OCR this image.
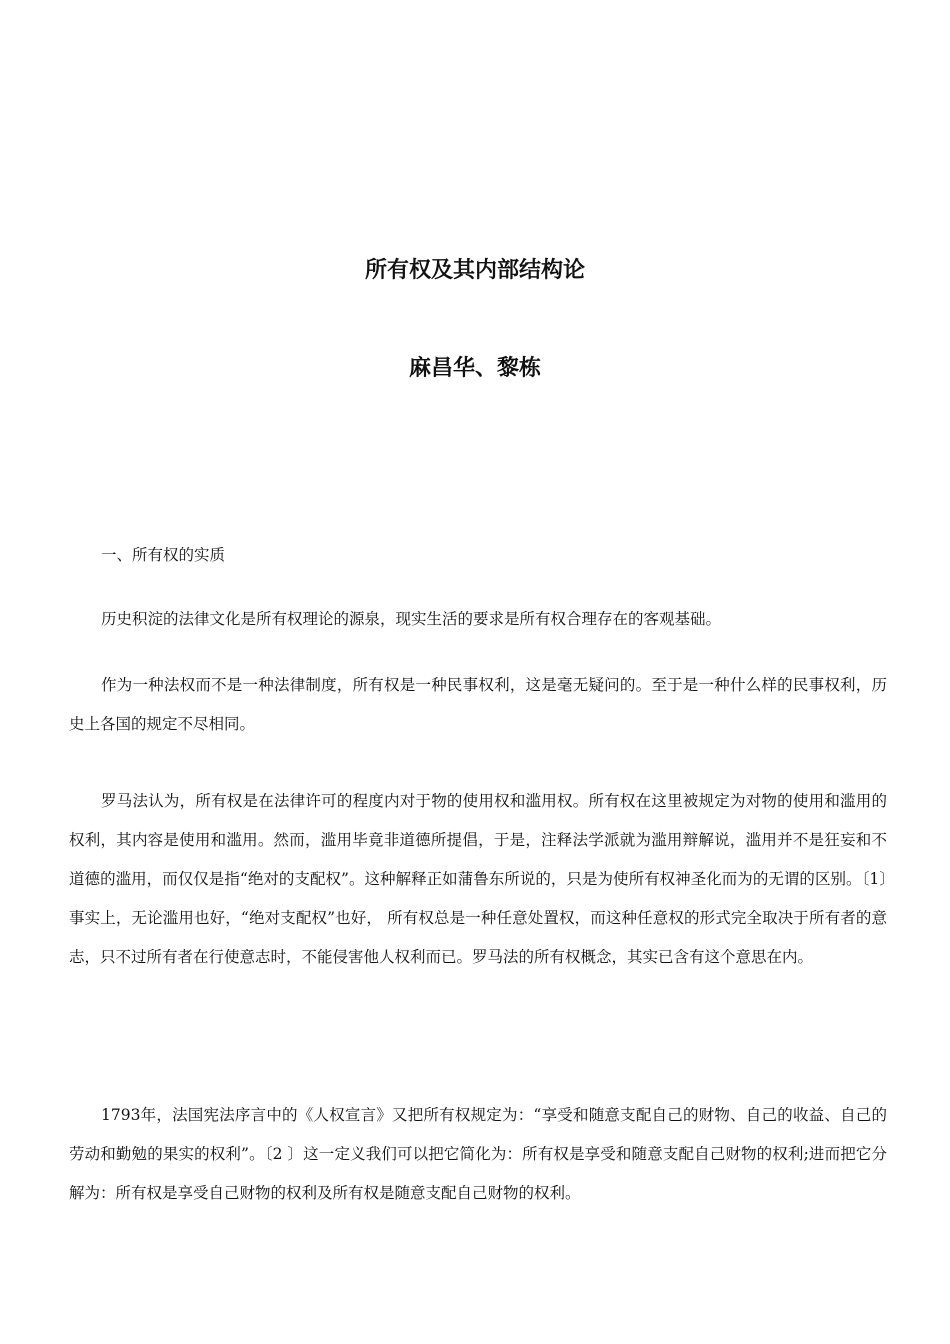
所有权及其内部结构论
麻昌华、黎栋

一、所有权的实质

历史积淀的法律文化是所有权理论的源泉，现实生活的要求是所有权合理存在的客观基础。

作为一种法权而不是一种法律制度，所有权是一种民事权利，这是毫无疑问的。至于是一种什么样的民事权利，历史上各国的规定不尽相同。

罗马法认为，所有权是在法律许可的程度内对于物的使用权和滥用权。所有权在这里被规定为对物的使用和滥用的权利，其内容是使用和滥用。然而，滥用毕竟非道德所提倡，于是，注释法学派就为滥用辩解说，滥用并不是狂妄和不道德的滥用，而仅仅是指“绝对的支配权”。这种解释正如蒲鲁东所说的，只是为使所有权神圣化而为的无谓的区别。〔1〕事实上，无论滥用也好，“绝对支配权”也好， 所有权总是一种任意处置权，而这种任意权的形式完全取决于所有者的意志，只不过所有者在行使意志时，不能侵害他人权利而已。罗马法的所有权概念，其实已含有这个意思在内。

1793年，法国宪法序言中的《人权宣言》又把所有权规定为：“享受和随意支配自己的财物、自己的收益、自己的劳动和勤勉的果实的权利”。〔2 〕这一定义我们可以把它简化为：所有权是享受和随意支配自己财物的权利;进而把它分解为：所有权是享受自己财物的权利及所有权是随意支配自己财物的权利。
